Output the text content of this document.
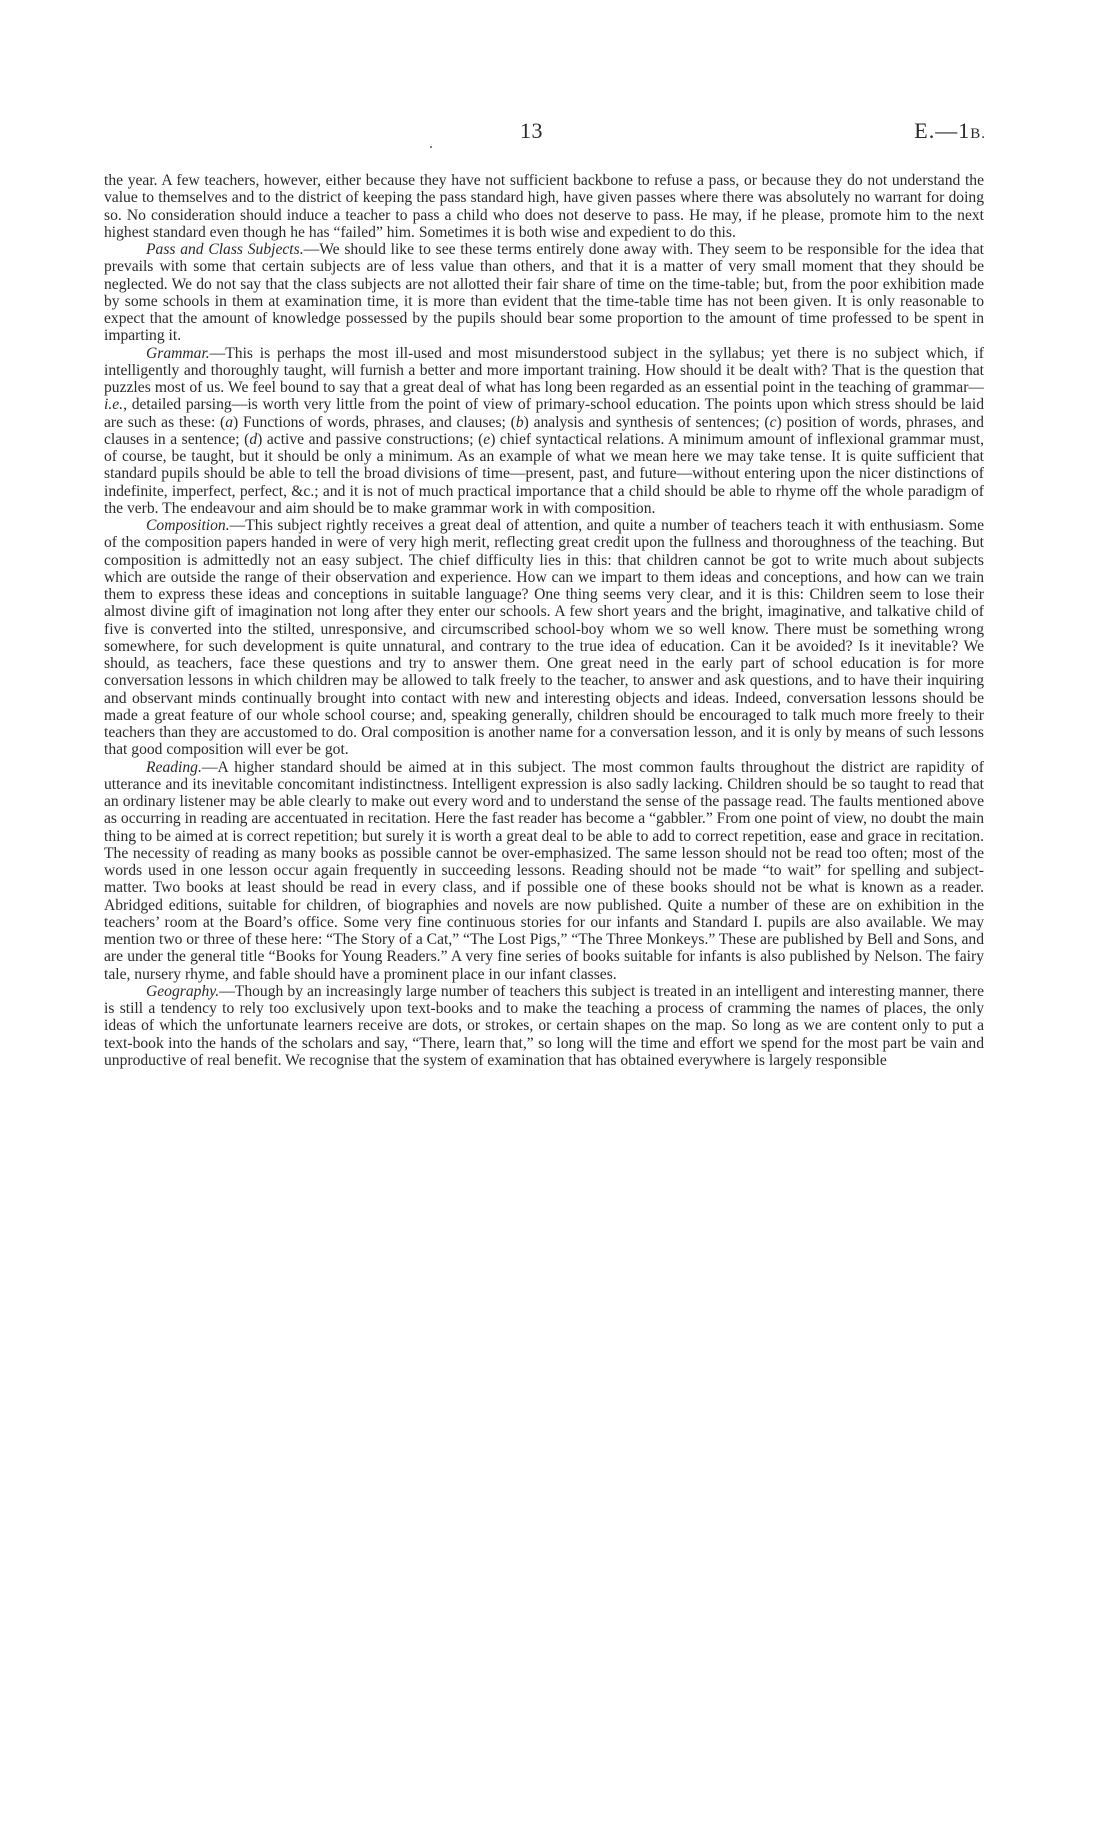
13	E.—1B.

the year. A few teachers, however, either because they have not sufficient backbone to refuse a pass, or because they do not understand the value to themselves and to the district of keeping the pass standard high, have given passes where there was absolutely no warrant for doing so. No consideration should induce a teacher to pass a child who does not deserve to pass. He may, if he please, promote him to the next highest standard even though he has “failed” him. Sometimes it is both wise and expedient to do this.

Pass and Class Subjects.—We should like to see these terms entirely done away with. They seem to be responsible for the idea that prevails with some that certain subjects are of less value than others, and that it is a matter of very small moment that they should be neglected. We do not say that the class subjects are not allotted their fair share of time on the time-table; but, from the poor exhibition made by some schools in them at examination time, it is more than evident that the time-table time has not been given. It is only reasonable to expect that the amount of knowledge possessed by the pupils should bear some proportion to the amount of time professed to be spent in imparting it.

Grammar.—This is perhaps the most ill-used and most misunderstood subject in the syllabus; yet there is no subject which, if intelligently and thoroughly taught, will furnish a better and more important training. How should it be dealt with? That is the question that puzzles most of us. We feel bound to say that a great deal of what has long been regarded as an essential point in the teaching of grammar—i.e., detailed parsing—is worth very little from the point of view of primary-school education. The points upon which stress should be laid are such as these: (a) Functions of words, phrases, and clauses; (b) analysis and synthesis of sentences; (c) position of words, phrases, and clauses in a sentence; (d) active and passive constructions; (e) chief syntactical relations. A minimum amount of inflexional grammar must, of course, be taught, but it should be only a minimum. As an example of what we mean here we may take tense. It is quite sufficient that standard pupils should be able to tell the broad divisions of time—present, past, and future—without entering upon the nicer distinctions of indefinite, imperfect, perfect, &c.; and it is not of much practical importance that a child should be able to rhyme off the whole paradigm of the verb. The endeavour and aim should be to make grammar work in with composition.

Composition.—This subject rightly receives a great deal of attention, and quite a number of teachers teach it with enthusiasm. Some of the composition papers handed in were of very high merit, reflecting great credit upon the fullness and thoroughness of the teaching. But composition is admittedly not an easy subject. The chief difficulty lies in this: that children cannot be got to write much about subjects which are outside the range of their observation and experience. How can we impart to them ideas and conceptions, and how can we train them to express these ideas and conceptions in suitable language? One thing seems very clear, and it is this: Children seem to lose their almost divine gift of imagination not long after they enter our schools. A few short years and the bright, imaginative, and talkative child of five is converted into the stilted, unresponsive, and circumscribed school-boy whom we so well know. There must be something wrong somewhere, for such development is quite unnatural, and contrary to the true idea of education. Can it be avoided? Is it inevitable? We should, as teachers, face these questions and try to answer them. One great need in the early part of school education is for more conversation lessons in which children may be allowed to talk freely to the teacher, to answer and ask questions, and to have their inquiring and observant minds continually brought into contact with new and interesting objects and ideas. Indeed, conversation lessons should be made a great feature of our whole school course; and, speaking generally, children should be encouraged to talk much more freely to their teachers than they are accustomed to do. Oral composition is another name for a conversation lesson, and it is only by means of such lessons that good composition will ever be got.

Reading.—A higher standard should be aimed at in this subject. The most common faults throughout the district are rapidity of utterance and its inevitable concomitant indistinctness. Intelligent expression is also sadly lacking. Children should be so taught to read that an ordinary listener may be able clearly to make out every word and to understand the sense of the passage read. The faults mentioned above as occurring in reading are accentuated in recitation. Here the fast reader has become a “gabbler.” From one point of view, no doubt the main thing to be aimed at is correct repetition; but surely it is worth a great deal to be able to add to correct repetition, ease and grace in recitation. The necessity of reading as many books as possible cannot be over-emphasized. The same lesson should not be read too often; most of the words used in one lesson occur again frequently in succeeding lessons. Reading should not be made “to wait” for spelling and subject-matter. Two books at least should be read in every class, and if possible one of these books should not be what is known as a reader. Abridged editions, suitable for children, of biographies and novels are now published. Quite a number of these are on exhibition in the teachers’ room at the Board’s office. Some very fine continuous stories for our infants and Standard I. pupils are also available. We may mention two or three of these here: “The Story of a Cat,” “The Lost Pigs,” “The Three Monkeys.” These are published by Bell and Sons, and are under the general title “Books for Young Readers.” A very fine series of books suitable for infants is also published by Nelson. The fairy tale, nursery rhyme, and fable should have a prominent place in our infant classes.

Geography.—Though by an increasingly large number of teachers this subject is treated in an intelligent and interesting manner, there is still a tendency to rely too exclusively upon text-books and to make the teaching a process of cramming the names of places, the only ideas of which the unfortunate learners receive are dots, or strokes, or certain shapes on the map. So long as we are content only to put a text-book into the hands of the scholars and say, “There, learn that,” so long will the time and effort we spend for the most part be vain and unproductive of real benefit. We recognise that the system of examination that has obtained everywhere is largely responsible
